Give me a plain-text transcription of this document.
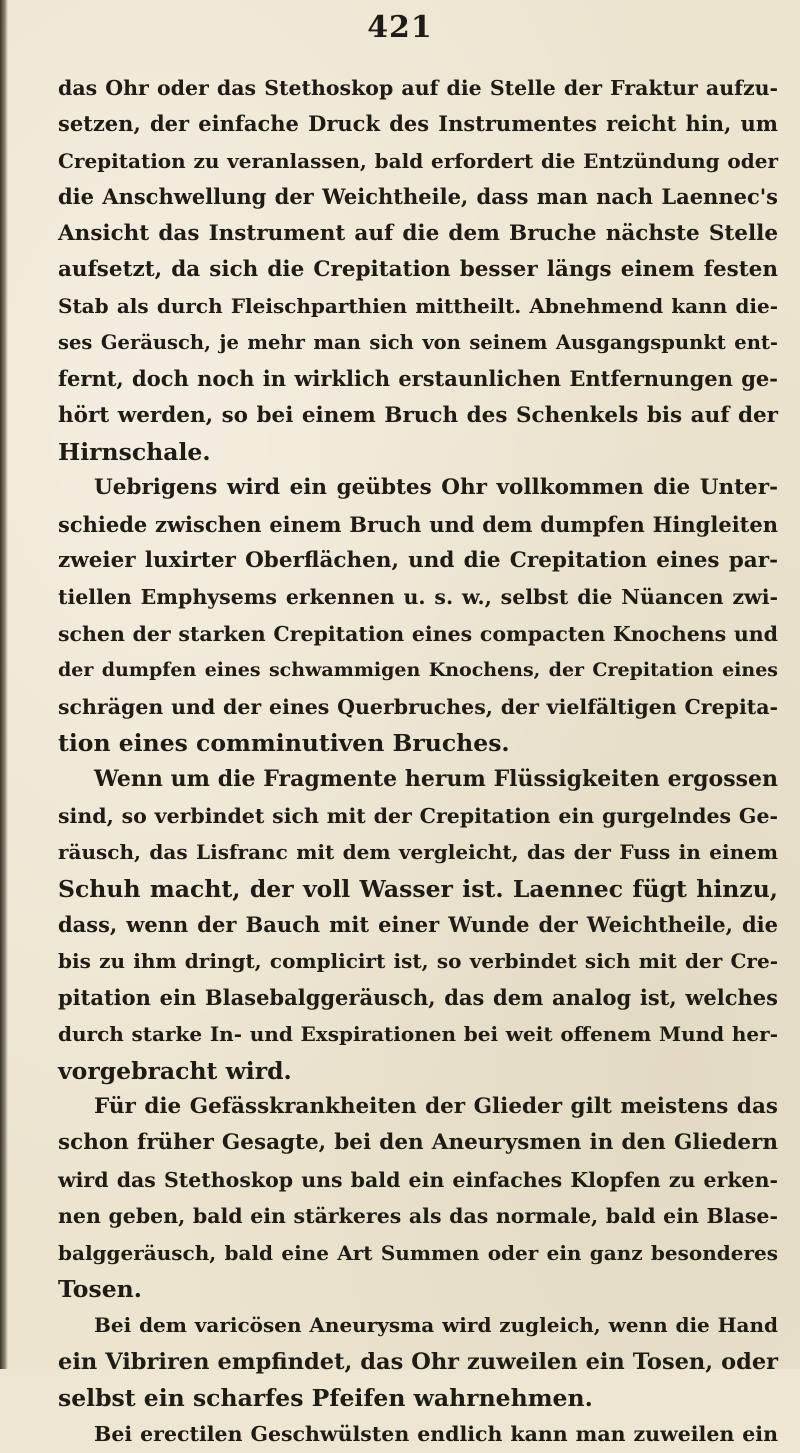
421
das Ohr oder das Stethoskop auf die Stelle der Fraktur aufzu-
setzen, der einfache Druck des Instrumentes reicht hin, um
Crepitation zu veranlassen, bald erfordert die Entzündung oder
die Anschwellung der Weichtheile, dass man nach Laennec's
Ansicht das Instrument auf die dem Bruche nächste Stelle
aufsetzt, da sich die Crepitation besser längs einem festen
Stab als durch Fleischparthien mittheilt. Abnehmend kann die-
ses Geräusch, je mehr man sich von seinem Ausgangspunkt ent-
fernt, doch noch in wirklich erstaunlichen Entfernungen ge-
hört werden, so bei einem Bruch des Schenkels bis auf der
Hirnschale.
Uebrigens wird ein geübtes Ohr vollkommen die Unter-
schiede zwischen einem Bruch und dem dumpfen Hingleiten
zweier luxirter Oberflächen, und die Crepitation eines par-
tiellen Emphysems erkennen u. s. w., selbst die Nüancen zwi-
schen der starken Crepitation eines compacten Knochens und
der dumpfen eines schwammigen Knochens, der Crepitation eines
schrägen und der eines Querbruches, der vielfältigen Crepita-
tion eines comminutiven Bruches.
Wenn um die Fragmente herum Flüssigkeiten ergossen
sind, so verbindet sich mit der Crepitation ein gurgelndes Ge-
räusch, das Lisfranc mit dem vergleicht, das der Fuss in einem
Schuh macht, der voll Wasser ist. Laennec fügt hinzu,
dass, wenn der Bauch mit einer Wunde der Weichtheile, die
bis zu ihm dringt, complicirt ist, so verbindet sich mit der Cre-
pitation ein Blasebalggeräusch, das dem analog ist, welches
durch starke In- und Exspirationen bei weit offenem Mund her-
vorgebracht wird.
Für die Gefässkrankheiten der Glieder gilt meistens das
schon früher Gesagte, bei den Aneurysmen in den Gliedern
wird das Stethoskop uns bald ein einfaches Klopfen zu erken-
nen geben, bald ein stärkeres als das normale, bald ein Blase-
balggeräusch, bald eine Art Summen oder ein ganz besonderes
Tosen.
Bei dem varicösen Aneurysma wird zugleich, wenn die Hand
ein Vibriren empfindet, das Ohr zuweilen ein Tosen, oder
selbst ein scharfes Pfeifen wahrnehmen.
Bei erectilen Geschwülsten endlich kann man zuweilen ein
